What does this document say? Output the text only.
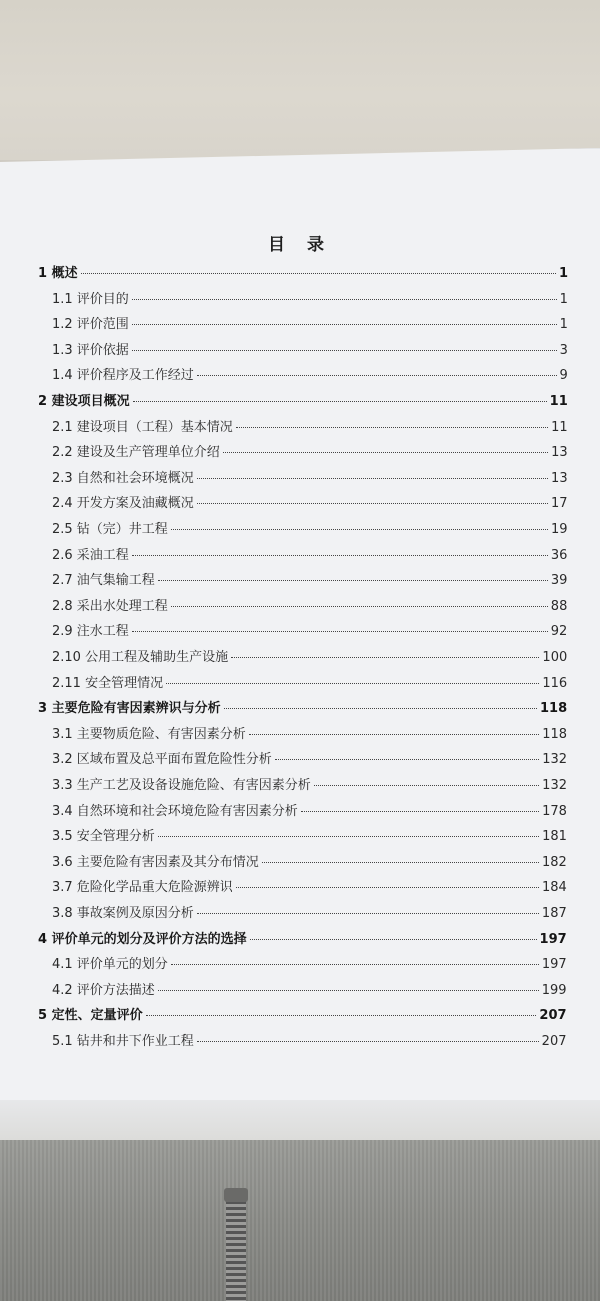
目 录
1 概述	1
1.1 评价目的	1
1.2 评价范围	1
1.3 评价依据	3
1.4 评价程序及工作经过	9
2 建设项目概况	11
2.1 建设项目（工程）基本情况	11
2.2 建设及生产管理单位介绍	13
2.3 自然和社会环境概况	13
2.4 开发方案及油藏概况	17
2.5 钻（完）井工程	19
2.6 采油工程	36
2.7 油气集输工程	39
2.8 采出水处理工程	88
2.9 注水工程	92
2.10 公用工程及辅助生产设施	100
2.11 安全管理情况	116
3 主要危险有害因素辨识与分析	118
3.1 主要物质危险、有害因素分析	118
3.2 区域布置及总平面布置危险性分析	132
3.3 生产工艺及设备设施危险、有害因素分析	132
3.4 自然环境和社会环境危险有害因素分析	178
3.5 安全管理分析	181
3.6 主要危险有害因素及其分布情况	182
3.7 危险化学品重大危险源辨识	184
3.8 事故案例及原因分析	187
4 评价单元的划分及评价方法的选择	197
4.1 评价单元的划分	197
4.2 评价方法描述	199
5 定性、定量评价	207
5.1 钻井和井下作业工程	207
